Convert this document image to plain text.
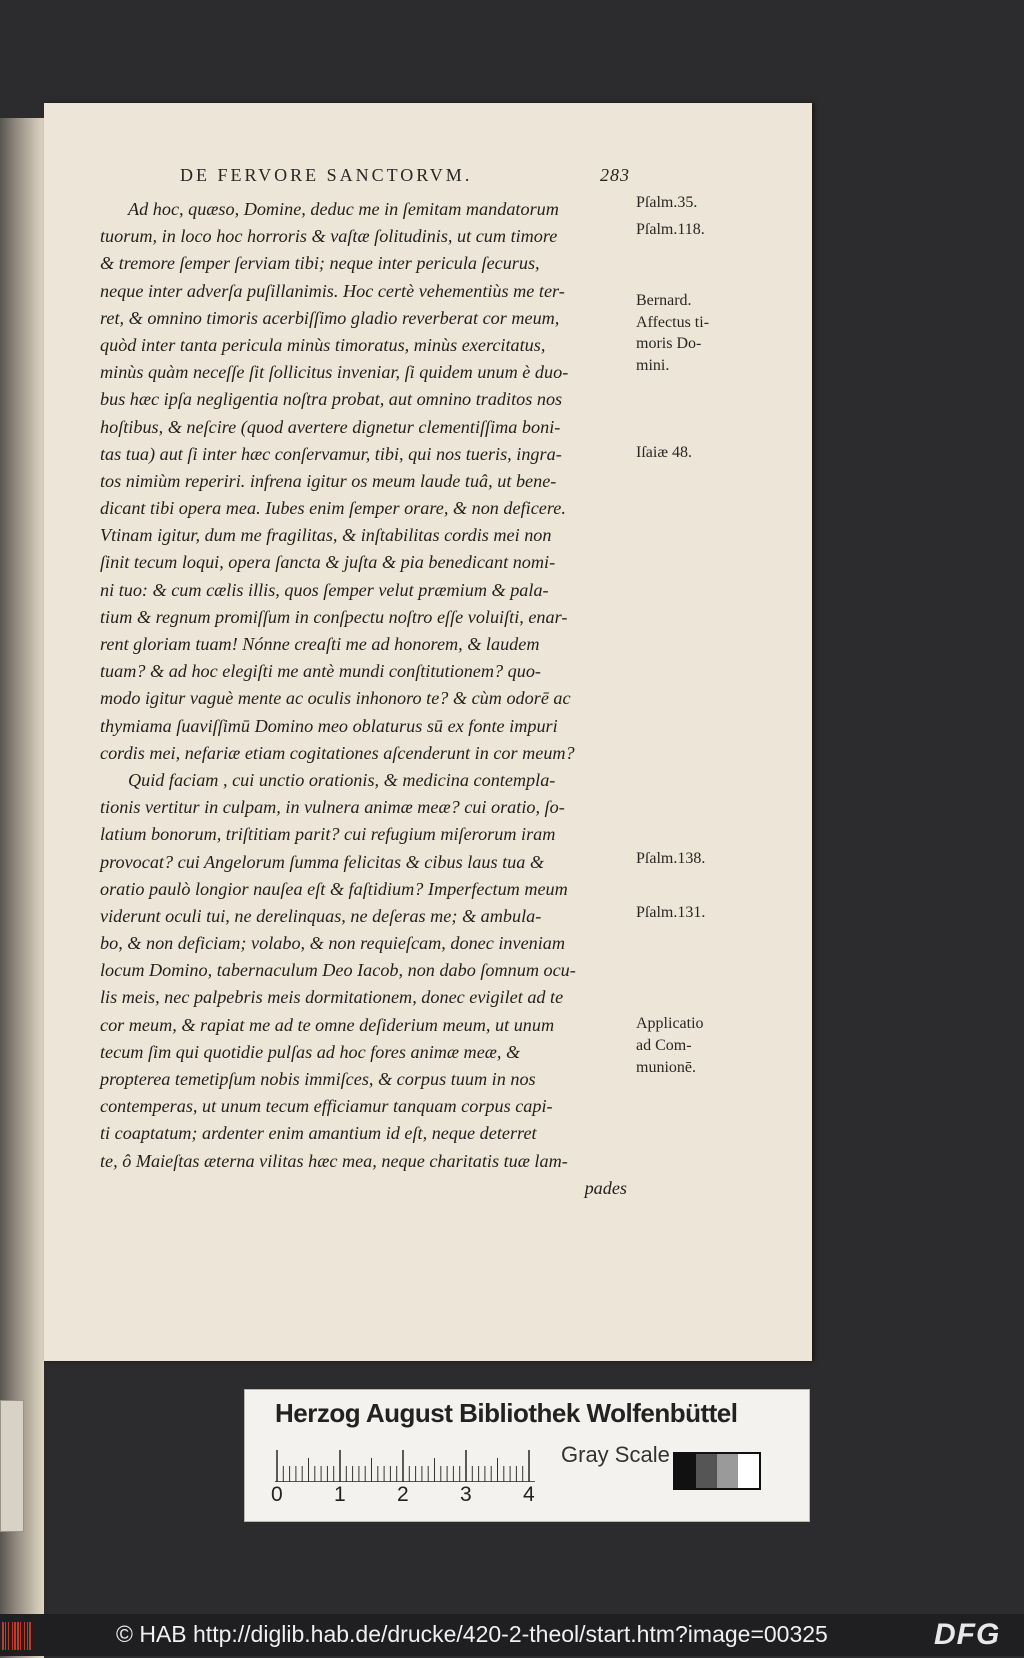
DE FERVORE SANCTORVM.	283
Ad hoc, quæso, Domine, deduc me in ſemitam mandatorum
tuorum, in loco hoc horroris & vaſtæ ſolitudinis, ut cum timore
& tremore ſemper ſerviam tibi; neque inter pericula ſecurus,
neque inter adverſa puſillanimis. Hoc certè vehementiùs me ter-
ret, & omnino timoris acerbiſſimo gladio reverberat cor meum,
quòd inter tanta pericula minùs timoratus, minùs exercitatus,
minùs quàm neceſſe ſit ſollicitus inveniar, ſi quidem unum è duo-
bus hæc ipſa negligentia noſtra probat, aut omnino traditos nos
hoſtibus, & neſcire (quod avertere dignetur clementiſſima boni-
tas tua) aut ſi inter hæc conſervamur, tibi, qui nos tueris, ingra-
tos nimiùm reperiri. infrena igitur os meum laude tuâ, ut bene-
dicant tibi opera mea. Iubes enim ſemper orare, & non deficere.
Vtinam igitur, dum me fragilitas, & inſtabilitas cordis mei non
ſinit tecum loqui, opera ſancta & juſta & pia benedicant nomi-
ni tuo: & cum cælis illis, quos ſemper velut præmium & pala-
tium & regnum promiſſum in conſpectu noſtro eſſe voluiſti, enar-
rent gloriam tuam! Nónne creaſti me ad honorem, & laudem
tuam? & ad hoc elegiſti me antè mundi conſtitutionem? quo-
modo igitur vaguè mente ac oculis inhonoro te? & cùm odorē ac
thymiama ſuaviſſimū Domino meo oblaturus sū ex fonte impuri
cordis mei, nefariæ etiam cogitationes aſcenderunt in cor meum?
Quid faciam , cui unctio orationis, & medicina contempla-
tionis vertitur in culpam, in vulnera animæ meæ? cui oratio, ſo-
latium bonorum, triſtitiam parit? cui refugium miſerorum iram
provocat? cui Angelorum ſumma felicitas & cibus laus tua &
oratio paulò longior nauſea eſt & faſtidium? Imperfectum meum
viderunt oculi tui, ne derelinquas, ne deſeras me; & ambula-
bo, & non deficiam; volabo, & non requieſcam, donec inveniam
locum Domino, tabernaculum Deo Iacob, non dabo ſomnum ocu-
lis meis, nec palpebris meis dormitationem, donec evigilet ad te
cor meum, & rapiat me ad te omne deſiderium meum, ut unum
tecum ſim qui quotidie pulſas ad hoc fores animæ meæ, &
propterea temetipſum nobis immiſces, & corpus tuum in nos
contemperas, ut unum tecum efficiamur tanquam corpus capi-
ti coaptatum; ardenter enim amantium id eſt, neque deterret
te, ô Maieſtas æterna vilitas hæc mea, neque charitatis tuæ lam-
pades
Pſalm.35.
Pſalm.118.
Bernard.
Affectus ti-
moris Do-
mini.
Iſaiæ 48.
Pſalm.138.
Pſalm.131.
Applicatio
ad Com-
munionē.
Herzog August Bibliothek Wolfenbüttel
0 1 2 3 4
Gray Scale
© HAB http://diglib.hab.de/drucke/420-2-theol/start.htm?image=00325	DFG
